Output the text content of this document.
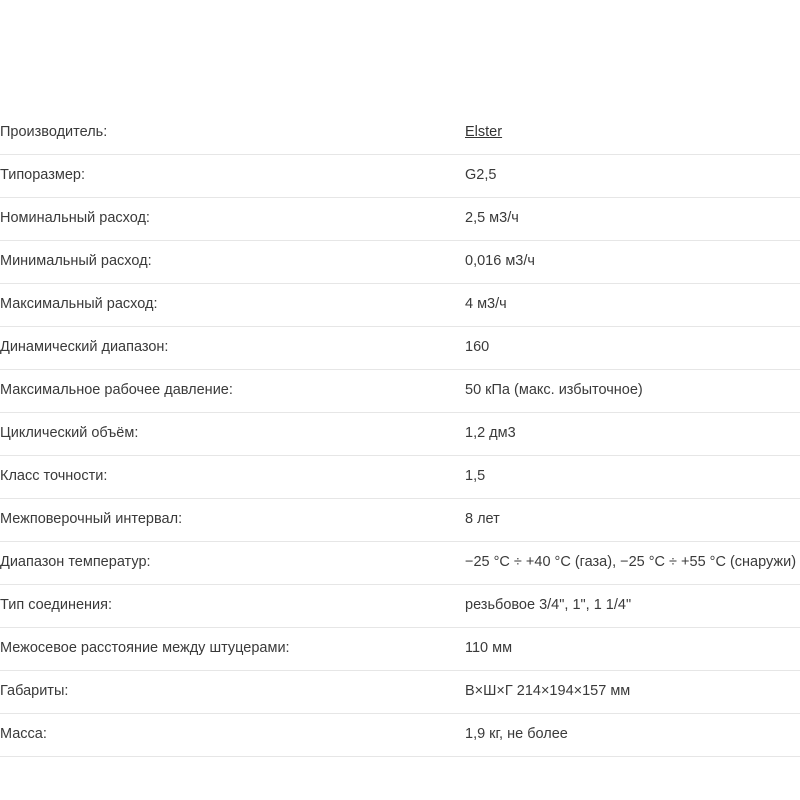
Производитель:	Elster
Типоразмер:	G2,5
Номинальный расход:	2,5 м3/ч
Минимальный расход:	0,016 м3/ч
Максимальный расход:	4 м3/ч
Динамический диапазон:	160
Максимальное рабочее давление:	50 кПа (макс. избыточное)
Циклический объём:	1,2 дм3
Класс точности:	1,5
Межповерочный интервал:	8 лет
Диапазон температур:	−25 °С ÷ +40 °С (газа), −25 °С ÷ +55 °С (снаружи)
Тип соединения:	резьбовое 3/4", 1", 1 1/4"
Межосевое расстояние между штуцерами:	110 мм
Габариты:	В×Ш×Г 214×194×157 мм
Масса:	1,9 кг, не более
